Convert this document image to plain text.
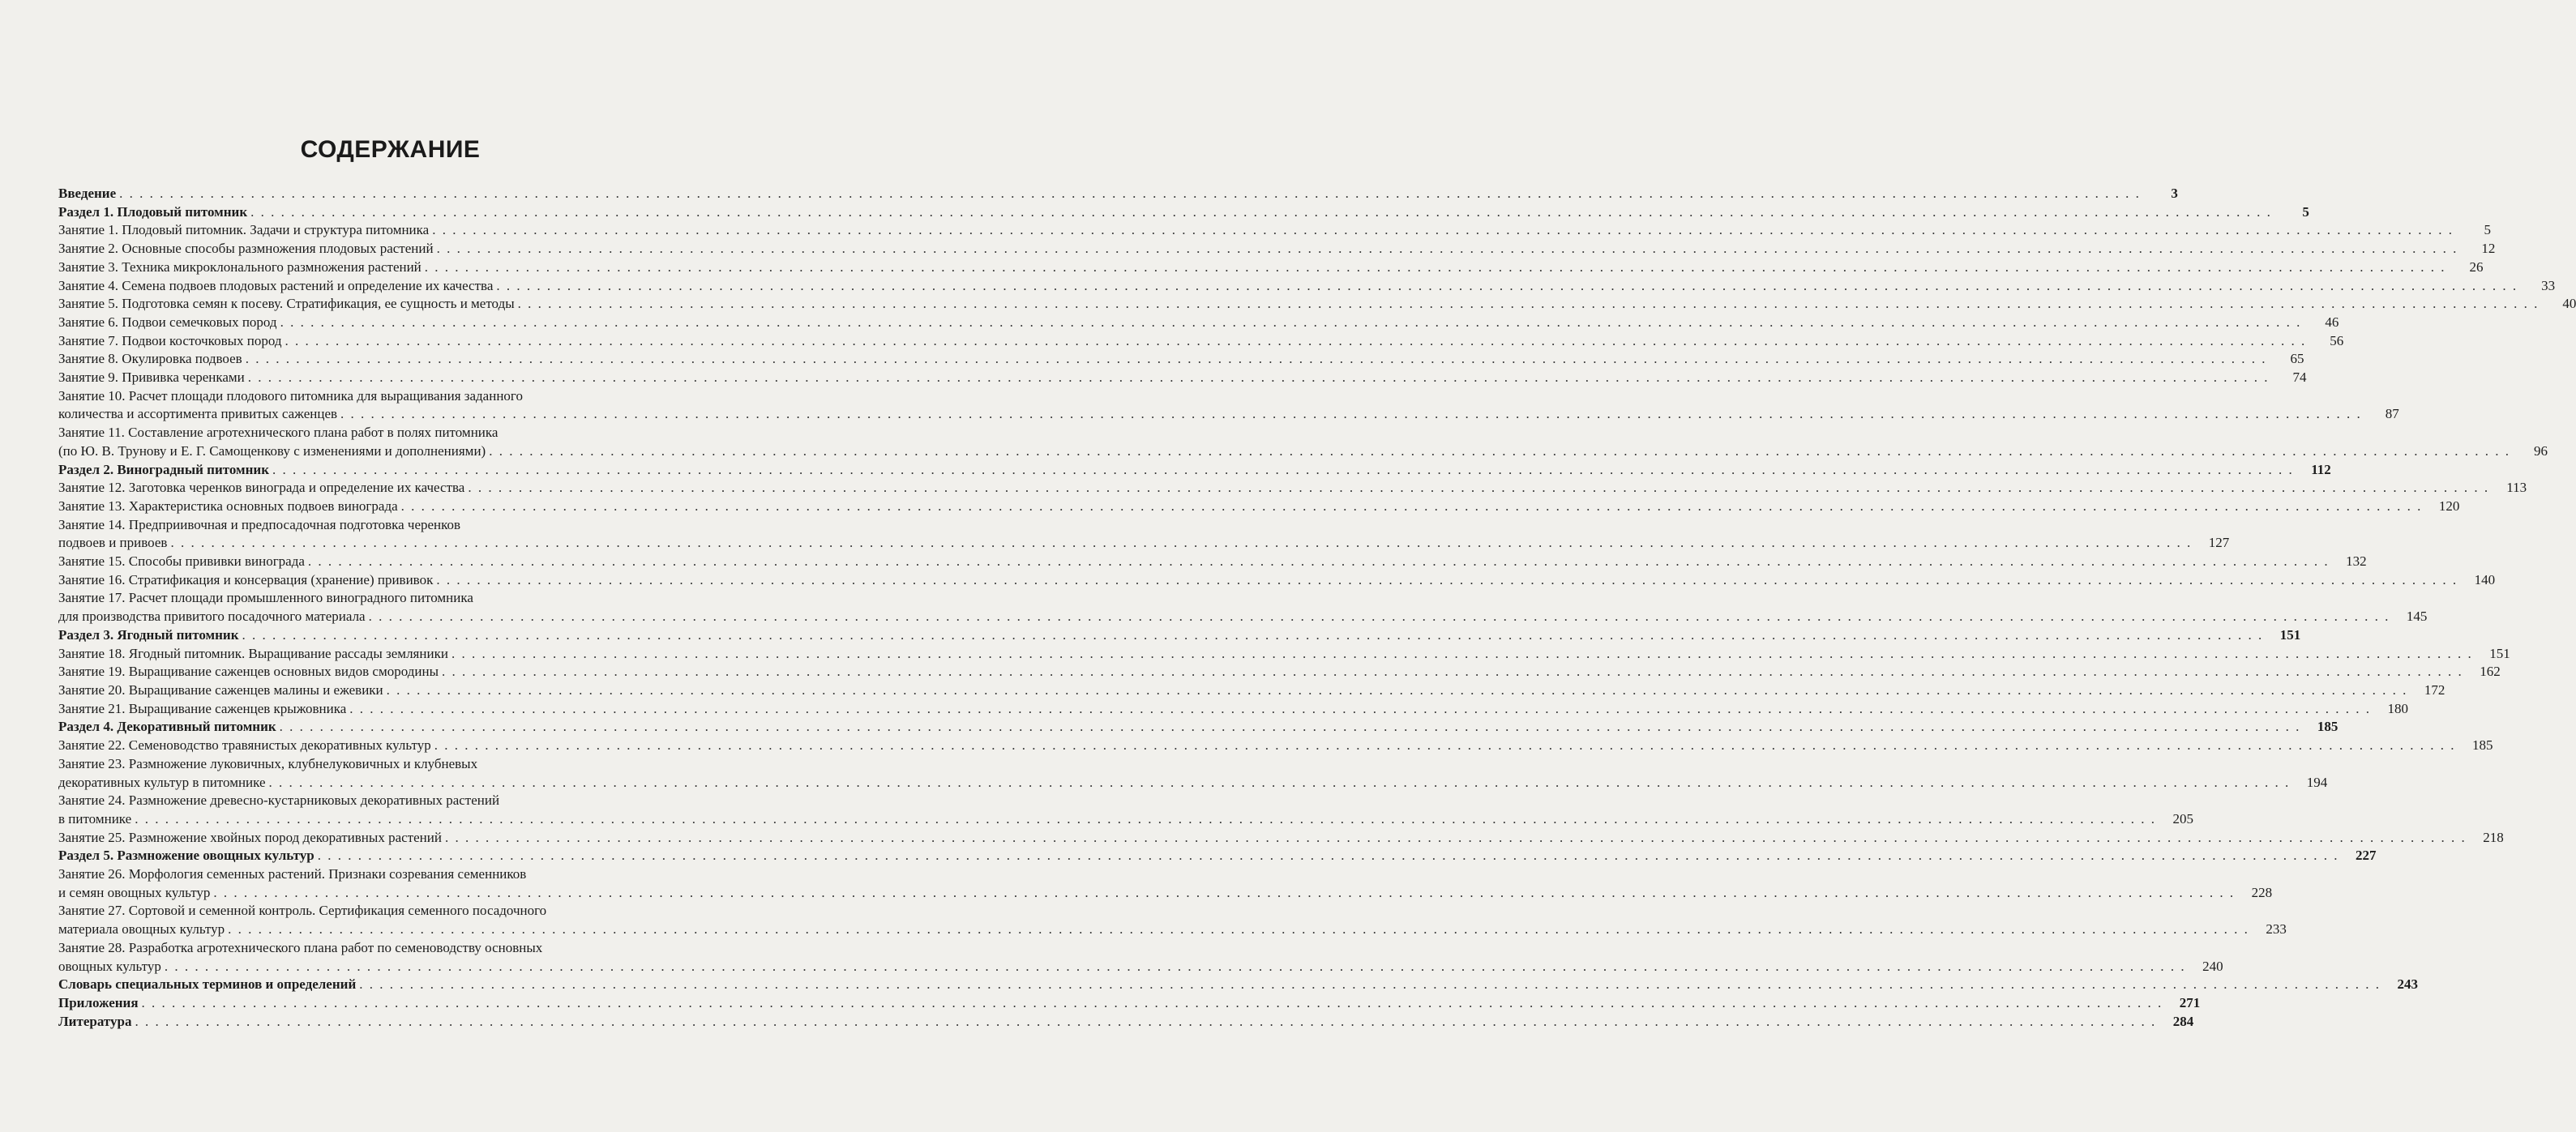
СОДЕРЖАНИЕ
Введение . . . . . . . . . . . . . . . . . . . . . . . . . . . . . . . . . . . . . . . . . . . . . . . . . . . . . . . . . . . . . . . . . . . . . . . . . . . . . . . . . . . . . . . . . . . . . . . . . . . . . . . . . . . . . . . . . . . . . . . . . . . . . . . . . . . . . . . . . . . . . . . . . . . . . . . . . . . . . . . . . . . . . . . . . . . . . . . . . . . . . . . . . . . . . . . . . . . . . . . .	3
Раздел 1. Плодовый питомник . . . . . . . . . . . . . . . . . . . . . . . . . . . . . . . . . . . . . . . . . . . . . . . . . . . . . . . . . . . . . . . . . . . . . . . . . . . . . . . . . . . . . . . . . . . . . . . . . . . . . . . . . . . . . . . . . . . . . . . . . . . . . . . . . . . . . . . . . . . . . . . . . . . . . . . . . . . . . . . . . . . . . . . . . . . . . . . . . . . . . . . . . . . . . . . . . . . . . . . .	5
Занятие 1. Плодовый питомник. Задачи и структура питомника . . . . . . . . . . . . . . . . . . . . . . . . . . . . . . . . . . . . . . . . . . . . . . . . . . . . . . . . . . . . . . . . . . . . . . . . . . . . . . . . . . . . . . . . . . . . . . . . . . . . . . . . . . . . . . . . . . . . . . . . . . . . . . . . . . . . . . . . . . . . . . . . . . . . . . . . . . . . . . . . . . . . . . . . . . . . . . . . . . . . . . . . . . . . . . . . . . . . . . . .	5
Занятие 2. Основные способы размножения плодовых растений . . . . . . . . . . . . . . . . . . . . . . . . . . . . . . . . . . . . . . . . . . . . . . . . . . . . . . . . . . . . . . . . . . . . . . . . . . . . . . . . . . . . . . . . . . . . . . . . . . . . . . . . . . . . . . . . . . . . . . . . . . . . . . . . . . . . . . . . . . . . . . . . . . . . . . . . . . . . . . . . . . . . . . . . . . . . . . . . . . . . . . . . . . . . . . . . . . . . . . . .	12
Занятие 3. Техника микроклонального размножения растений . . . . . . . . . . . . . . . . . . . . . . . . . . . . . . . . . . . . . . . . . . . . . . . . . . . . . . . . . . . . . . . . . . . . . . . . . . . . . . . . . . . . . . . . . . . . . . . . . . . . . . . . . . . . . . . . . . . . . . . . . . . . . . . . . . . . . . . . . . . . . . . . . . . . . . . . . . . . . . . . . . . . . . . . . . . . . . . . . . . . . . . . . . . . . . . . . . . . . . . .	26
Занятие 4. Семена подвоев плодовых растений и определение их качества . . . . . . . . . . . . . . . . . . . . . . . . . . . . . . . . . . . . . . . . . . . . . . . . . . . . . . . . . . . . . . . . . . . . . . . . . . . . . . . . . . . . . . . . . . . . . . . . . . . . . . . . . . . . . . . . . . . . . . . . . . . . . . . . . . . . . . . . . . . . . . . . . . . . . . . . . . . . . . . . . . . . . . . . . . . . . . . . . . . . . . . . . . . . . . . . . . . . . . . .	33
Занятие 5. Подготовка семян к посеву. Стратификация, ее сущность и методы . . . . . . . . . . . . . . . . . . . . . . . . . . . . . . . . . . . . . . . . . . . . . . . . . . . . . . . . . . . . . . . . . . . . . . . . . . . . . . . . . . . . . . . . . . . . . . . . . . . . . . . . . . . . . . . . . . . . . . . . . . . . . . . . . . . . . . . . . . . . . . . . . . . . . . . . . . . . . . . . . . . . . . . . . . . . . . . . . . . . . . . . . . . . . . . . . . . . . . . .	40
Занятие 6. Подвои семечковых пород . . . . . . . . . . . . . . . . . . . . . . . . . . . . . . . . . . . . . . . . . . . . . . . . . . . . . . . . . . . . . . . . . . . . . . . . . . . . . . . . . . . . . . . . . . . . . . . . . . . . . . . . . . . . . . . . . . . . . . . . . . . . . . . . . . . . . . . . . . . . . . . . . . . . . . . . . . . . . . . . . . . . . . . . . . . . . . . . . . . . . . . . . . . . . . . . . . . . . . . .	46
Занятие 7. Подвои косточковых пород . . . . . . . . . . . . . . . . . . . . . . . . . . . . . . . . . . . . . . . . . . . . . . . . . . . . . . . . . . . . . . . . . . . . . . . . . . . . . . . . . . . . . . . . . . . . . . . . . . . . . . . . . . . . . . . . . . . . . . . . . . . . . . . . . . . . . . . . . . . . . . . . . . . . . . . . . . . . . . . . . . . . . . . . . . . . . . . . . . . . . . . . . . . . . . . . . . . . . . . .	56
Занятие 8. Окулировка подвоев . . . . . . . . . . . . . . . . . . . . . . . . . . . . . . . . . . . . . . . . . . . . . . . . . . . . . . . . . . . . . . . . . . . . . . . . . . . . . . . . . . . . . . . . . . . . . . . . . . . . . . . . . . . . . . . . . . . . . . . . . . . . . . . . . . . . . . . . . . . . . . . . . . . . . . . . . . . . . . . . . . . . . . . . . . . . . . . . . . . . . . . . . . . . . . . . . . . . . . . .	65
Занятие 9. Прививка черенками . . . . . . . . . . . . . . . . . . . . . . . . . . . . . . . . . . . . . . . . . . . . . . . . . . . . . . . . . . . . . . . . . . . . . . . . . . . . . . . . . . . . . . . . . . . . . . . . . . . . . . . . . . . . . . . . . . . . . . . . . . . . . . . . . . . . . . . . . . . . . . . . . . . . . . . . . . . . . . . . . . . . . . . . . . . . . . . . . . . . . . . . . . . . . . . . . . . . . . . .	74
Занятие 10. Расчет площади плодового питомника для выращивания заданного
количества и ассортимента привитых саженцев . . . . . . . . . . . . . . . . . . . . . . . . . . . . . . . . . . . . . . . . . . . . . . . . . . . . . . . . . . . . . . . . . . . . . . . . . . . . . . . . . . . . . . . . . . . . . . . . . . . . . . . . . . . . . . . . . . . . . . . . . . . . . . . . . . . . . . . . . . . . . . . . . . . . . . . . . . . . . . . . . . . . . . . . . . . . . . . . . . . . . . . . . . . . . . . . . . . . . . . .	87
Занятие 11. Составление агротехнического плана работ в полях питомника
(по Ю. В. Трунову и Е. Г. Самощенкову с изменениями и дополнениями) . . . . . . . . . . . . . . . . . . . . . . . . . . . . . . . . . . . . . . . . . . . . . . . . . . . . . . . . . . . . . . . . . . . . . . . . . . . . . . . . . . . . . . . . . . . . . . . . . . . . . . . . . . . . . . . . . . . . . . . . . . . . . . . . . . . . . . . . . . . . . . . . . . . . . . . . . . . . . . . . . . . . . . . . . . . . . . . . . . . . . . . . . . . . . . . . . . . . . . . .	96
Раздел 2. Виноградный питомник . . . . . . . . . . . . . . . . . . . . . . . . . . . . . . . . . . . . . . . . . . . . . . . . . . . . . . . . . . . . . . . . . . . . . . . . . . . . . . . . . . . . . . . . . . . . . . . . . . . . . . . . . . . . . . . . . . . . . . . . . . . . . . . . . . . . . . . . . . . . . . . . . . . . . . . . . . . . . . . . . . . . . . . . . . . . . . . . . . . . . . . . . . . . . . . . . . . . . . . .	112
Занятие 12. Заготовка черенков винограда и определение их качества . . . . . . . . . . . . . . . . . . . . . . . . . . . . . . . . . . . . . . . . . . . . . . . . . . . . . . . . . . . . . . . . . . . . . . . . . . . . . . . . . . . . . . . . . . . . . . . . . . . . . . . . . . . . . . . . . . . . . . . . . . . . . . . . . . . . . . . . . . . . . . . . . . . . . . . . . . . . . . . . . . . . . . . . . . . . . . . . . . . . . . . . . . . . . . . . . . . . . . . .	113
Занятие 13. Характеристика основных подвоев винограда . . . . . . . . . . . . . . . . . . . . . . . . . . . . . . . . . . . . . . . . . . . . . . . . . . . . . . . . . . . . . . . . . . . . . . . . . . . . . . . . . . . . . . . . . . . . . . . . . . . . . . . . . . . . . . . . . . . . . . . . . . . . . . . . . . . . . . . . . . . . . . . . . . . . . . . . . . . . . . . . . . . . . . . . . . . . . . . . . . . . . . . . . . . . . . . . . . . . . . . .	120
Занятие 14. Предприивочная и предпосадочная подготовка черенков
подвоев и привоев . . . . . . . . . . . . . . . . . . . . . . . . . . . . . . . . . . . . . . . . . . . . . . . . . . . . . . . . . . . . . . . . . . . . . . . . . . . . . . . . . . . . . . . . . . . . . . . . . . . . . . . . . . . . . . . . . . . . . . . . . . . . . . . . . . . . . . . . . . . . . . . . . . . . . . . . . . . . . . . . . . . . . . . . . . . . . . . . . . . . . . . . . . . . . . . . . . . . . . . .	127
Занятие 15. Способы прививки винограда . . . . . . . . . . . . . . . . . . . . . . . . . . . . . . . . . . . . . . . . . . . . . . . . . . . . . . . . . . . . . . . . . . . . . . . . . . . . . . . . . . . . . . . . . . . . . . . . . . . . . . . . . . . . . . . . . . . . . . . . . . . . . . . . . . . . . . . . . . . . . . . . . . . . . . . . . . . . . . . . . . . . . . . . . . . . . . . . . . . . . . . . . . . . . . . . . . . . . . . .	132
Занятие 16. Стратификация и консервация (хранение) прививок . . . . . . . . . . . . . . . . . . . . . . . . . . . . . . . . . . . . . . . . . . . . . . . . . . . . . . . . . . . . . . . . . . . . . . . . . . . . . . . . . . . . . . . . . . . . . . . . . . . . . . . . . . . . . . . . . . . . . . . . . . . . . . . . . . . . . . . . . . . . . . . . . . . . . . . . . . . . . . . . . . . . . . . . . . . . . . . . . . . . . . . . . . . . . . . . . . . . . . . .	140
Занятие 17. Расчет площади промышленного виноградного питомника
для производства привитого посадочного материала . . . . . . . . . . . . . . . . . . . . . . . . . . . . . . . . . . . . . . . . . . . . . . . . . . . . . . . . . . . . . . . . . . . . . . . . . . . . . . . . . . . . . . . . . . . . . . . . . . . . . . . . . . . . . . . . . . . . . . . . . . . . . . . . . . . . . . . . . . . . . . . . . . . . . . . . . . . . . . . . . . . . . . . . . . . . . . . . . . . . . . . . . . . . . . . . . . . . . . . .	145
Раздел 3. Ягодный питомник . . . . . . . . . . . . . . . . . . . . . . . . . . . . . . . . . . . . . . . . . . . . . . . . . . . . . . . . . . . . . . . . . . . . . . . . . . . . . . . . . . . . . . . . . . . . . . . . . . . . . . . . . . . . . . . . . . . . . . . . . . . . . . . . . . . . . . . . . . . . . . . . . . . . . . . . . . . . . . . . . . . . . . . . . . . . . . . . . . . . . . . . . . . . . . . . . . . . . . . .	151
Занятие 18. Ягодный питомник. Выращивание рассады земляники . . . . . . . . . . . . . . . . . . . . . . . . . . . . . . . . . . . . . . . . . . . . . . . . . . . . . . . . . . . . . . . . . . . . . . . . . . . . . . . . . . . . . . . . . . . . . . . . . . . . . . . . . . . . . . . . . . . . . . . . . . . . . . . . . . . . . . . . . . . . . . . . . . . . . . . . . . . . . . . . . . . . . . . . . . . . . . . . . . . . . . . . . . . . . . . . . . . . . . . .	151
Занятие 19. Выращивание саженцев основных видов смородины . . . . . . . . . . . . . . . . . . . . . . . . . . . . . . . . . . . . . . . . . . . . . . . . . . . . . . . . . . . . . . . . . . . . . . . . . . . . . . . . . . . . . . . . . . . . . . . . . . . . . . . . . . . . . . . . . . . . . . . . . . . . . . . . . . . . . . . . . . . . . . . . . . . . . . . . . . . . . . . . . . . . . . . . . . . . . . . . . . . . . . . . . . . . . . . . . . . . . . . .	162
Занятие 20. Выращивание саженцев малины и ежевики . . . . . . . . . . . . . . . . . . . . . . . . . . . . . . . . . . . . . . . . . . . . . . . . . . . . . . . . . . . . . . . . . . . . . . . . . . . . . . . . . . . . . . . . . . . . . . . . . . . . . . . . . . . . . . . . . . . . . . . . . . . . . . . . . . . . . . . . . . . . . . . . . . . . . . . . . . . . . . . . . . . . . . . . . . . . . . . . . . . . . . . . . . . . . . . . . . . . . . . .	172
Занятие 21. Выращивание саженцев крыжовника . . . . . . . . . . . . . . . . . . . . . . . . . . . . . . . . . . . . . . . . . . . . . . . . . . . . . . . . . . . . . . . . . . . . . . . . . . . . . . . . . . . . . . . . . . . . . . . . . . . . . . . . . . . . . . . . . . . . . . . . . . . . . . . . . . . . . . . . . . . . . . . . . . . . . . . . . . . . . . . . . . . . . . . . . . . . . . . . . . . . . . . . . . . . . . . . . . . . . . . .	180
Раздел 4. Декоративный питомник . . . . . . . . . . . . . . . . . . . . . . . . . . . . . . . . . . . . . . . . . . . . . . . . . . . . . . . . . . . . . . . . . . . . . . . . . . . . . . . . . . . . . . . . . . . . . . . . . . . . . . . . . . . . . . . . . . . . . . . . . . . . . . . . . . . . . . . . . . . . . . . . . . . . . . . . . . . . . . . . . . . . . . . . . . . . . . . . . . . . . . . . . . . . . . . . . . . . . . . .	185
Занятие 22. Семеноводство травянистых декоративных культур . . . . . . . . . . . . . . . . . . . . . . . . . . . . . . . . . . . . . . . . . . . . . . . . . . . . . . . . . . . . . . . . . . . . . . . . . . . . . . . . . . . . . . . . . . . . . . . . . . . . . . . . . . . . . . . . . . . . . . . . . . . . . . . . . . . . . . . . . . . . . . . . . . . . . . . . . . . . . . . . . . . . . . . . . . . . . . . . . . . . . . . . . . . . . . . . . . . . . . . .	185
Занятие 23. Размножение луковичных, клубнелуковичных и клубневых
декоративных культур в питомнике . . . . . . . . . . . . . . . . . . . . . . . . . . . . . . . . . . . . . . . . . . . . . . . . . . . . . . . . . . . . . . . . . . . . . . . . . . . . . . . . . . . . . . . . . . . . . . . . . . . . . . . . . . . . . . . . . . . . . . . . . . . . . . . . . . . . . . . . . . . . . . . . . . . . . . . . . . . . . . . . . . . . . . . . . . . . . . . . . . . . . . . . . . . . . . . . . . . . . . . .	194
Занятие 24. Размножение древесно-кустарниковых декоративных растений
в питомнике . . . . . . . . . . . . . . . . . . . . . . . . . . . . . . . . . . . . . . . . . . . . . . . . . . . . . . . . . . . . . . . . . . . . . . . . . . . . . . . . . . . . . . . . . . . . . . . . . . . . . . . . . . . . . . . . . . . . . . . . . . . . . . . . . . . . . . . . . . . . . . . . . . . . . . . . . . . . . . . . . . . . . . . . . . . . . . . . . . . . . . . . . . . . . . . . . . . . . . . .	205
Занятие 25. Размножение хвойных пород декоративных растений . . . . . . . . . . . . . . . . . . . . . . . . . . . . . . . . . . . . . . . . . . . . . . . . . . . . . . . . . . . . . . . . . . . . . . . . . . . . . . . . . . . . . . . . . . . . . . . . . . . . . . . . . . . . . . . . . . . . . . . . . . . . . . . . . . . . . . . . . . . . . . . . . . . . . . . . . . . . . . . . . . . . . . . . . . . . . . . . . . . . . . . . . . . . . . . . . . . . . . . .	218
Раздел 5. Размножение овощных культур . . . . . . . . . . . . . . . . . . . . . . . . . . . . . . . . . . . . . . . . . . . . . . . . . . . . . . . . . . . . . . . . . . . . . . . . . . . . . . . . . . . . . . . . . . . . . . . . . . . . . . . . . . . . . . . . . . . . . . . . . . . . . . . . . . . . . . . . . . . . . . . . . . . . . . . . . . . . . . . . . . . . . . . . . . . . . . . . . . . . . . . . . . . . . . . . . . . . . . . .	227
Занятие 26. Морфология семенных растений. Признаки созревания семенников
и семян овощных культур . . . . . . . . . . . . . . . . . . . . . . . . . . . . . . . . . . . . . . . . . . . . . . . . . . . . . . . . . . . . . . . . . . . . . . . . . . . . . . . . . . . . . . . . . . . . . . . . . . . . . . . . . . . . . . . . . . . . . . . . . . . . . . . . . . . . . . . . . . . . . . . . . . . . . . . . . . . . . . . . . . . . . . . . . . . . . . . . . . . . . . . . . . . . . . . . . . . . . . . .	228
Занятие 27. Сортовой и семенной контроль. Сертификация семенного посадочного
материала овощных культур . . . . . . . . . . . . . . . . . . . . . . . . . . . . . . . . . . . . . . . . . . . . . . . . . . . . . . . . . . . . . . . . . . . . . . . . . . . . . . . . . . . . . . . . . . . . . . . . . . . . . . . . . . . . . . . . . . . . . . . . . . . . . . . . . . . . . . . . . . . . . . . . . . . . . . . . . . . . . . . . . . . . . . . . . . . . . . . . . . . . . . . . . . . . . . . . . . . . . . . .	233
Занятие 28. Разработка агротехнического плана работ по семеноводству основных
овощных культур . . . . . . . . . . . . . . . . . . . . . . . . . . . . . . . . . . . . . . . . . . . . . . . . . . . . . . . . . . . . . . . . . . . . . . . . . . . . . . . . . . . . . . . . . . . . . . . . . . . . . . . . . . . . . . . . . . . . . . . . . . . . . . . . . . . . . . . . . . . . . . . . . . . . . . . . . . . . . . . . . . . . . . . . . . . . . . . . . . . . . . . . . . . . . . . . . . . . . . . .	240
Словарь специальных терминов и определений . . . . . . . . . . . . . . . . . . . . . . . . . . . . . . . . . . . . . . . . . . . . . . . . . . . . . . . . . . . . . . . . . . . . . . . . . . . . . . . . . . . . . . . . . . . . . . . . . . . . . . . . . . . . . . . . . . . . . . . . . . . . . . . . . . . . . . . . . . . . . . . . . . . . . . . . . . . . . . . . . . . . . . . . . . . . . . . . . . . . . . . . . . . . . . . . . . . . . . . .	243
Приложения . . . . . . . . . . . . . . . . . . . . . . . . . . . . . . . . . . . . . . . . . . . . . . . . . . . . . . . . . . . . . . . . . . . . . . . . . . . . . . . . . . . . . . . . . . . . . . . . . . . . . . . . . . . . . . . . . . . . . . . . . . . . . . . . . . . . . . . . . . . . . . . . . . . . . . . . . . . . . . . . . . . . . . . . . . . . . . . . . . . . . . . . . . . . . . . . . . . . . . . .	271
Литература . . . . . . . . . . . . . . . . . . . . . . . . . . . . . . . . . . . . . . . . . . . . . . . . . . . . . . . . . . . . . . . . . . . . . . . . . . . . . . . . . . . . . . . . . . . . . . . . . . . . . . . . . . . . . . . . . . . . . . . . . . . . . . . . . . . . . . . . . . . . . . . . . . . . . . . . . . . . . . . . . . . . . . . . . . . . . . . . . . . . . . . . . . . . . . . . . . . . . . . .	284
